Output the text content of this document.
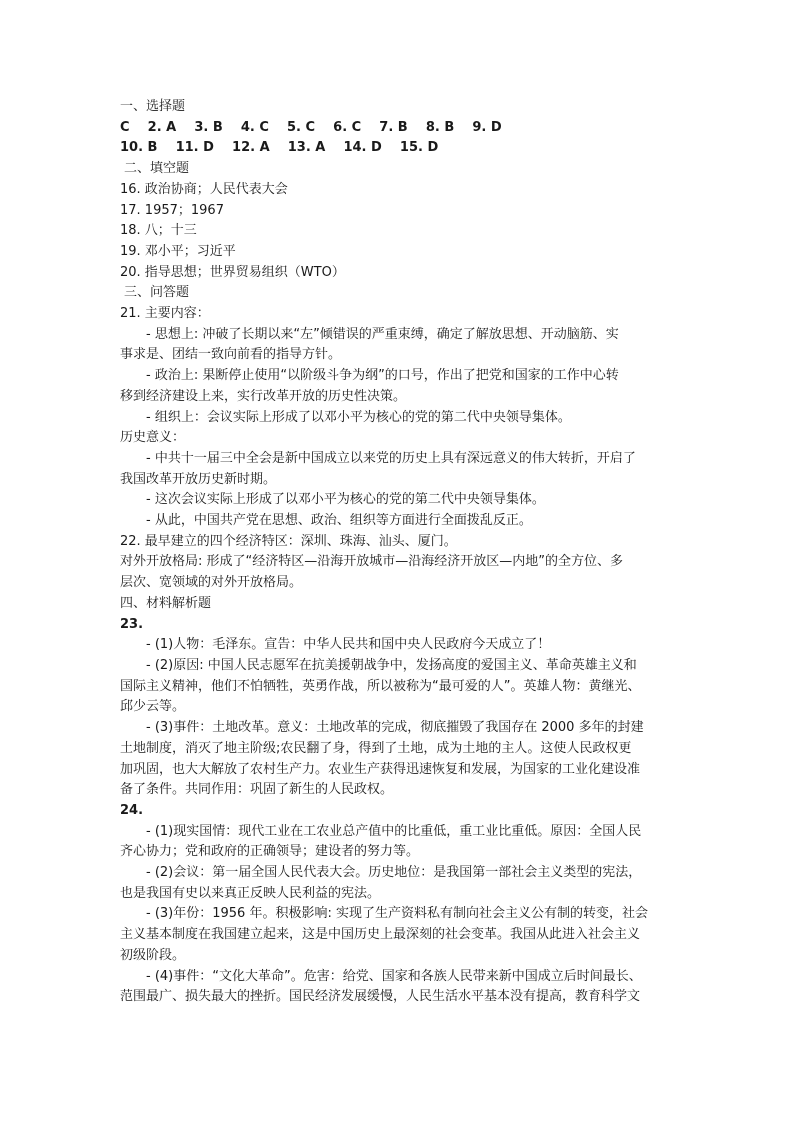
一、选择题
C    2. A    3. B    4. C    5. C    6. C    7. B    8. B    9. D
10. B    11. D    12. A    13. A    14. D    15. D
二、填空题
16. 政治协商；人民代表大会
17. 1957；1967
18. 八；十三
19. 邓小平；习近平
20. 指导思想；世界贸易组织（WTO）
三、问答题
21. 主要内容：
- 思想上: 冲破了长期以来“左”倾错误的严重束缚，确定了解放思想、开动脑筋、实
事求是、团结一致向前看的指导方针。
- 政治上: 果断停止使用“以阶级斗争为纲”的口号，作出了把党和国家的工作中心转
移到经济建设上来，实行改革开放的历史性决策。
- 组织上：会议实际上形成了以邓小平为核心的党的第二代中央领导集体。
历史意义：
- 中共十一届三中全会是新中国成立以来党的历史上具有深远意义的伟大转折，开启了
我国改革开放历史新时期。
- 这次会议实际上形成了以邓小平为核心的党的第二代中央领导集体。
- 从此，中国共产党在思想、政治、组织等方面进行全面拨乱反正。
22. 最早建立的四个经济特区：深圳、珠海、汕头、厦门。
对外开放格局: 形成了“经济特区—沿海开放城市—沿海经济开放区—内地”的全方位、多
层次、宽领域的对外开放格局。
四、材料解析题
23.
- (1)人物：毛泽东。宣告：中华人民共和国中央人民政府今天成立了！
- (2)原因: 中国人民志愿军在抗美援朝战争中，发扬高度的爱国主义、革命英雄主义和
国际主义精神，他们不怕牺牲，英勇作战，所以被称为“最可爱的人”。英雄人物：黄继光、
邱少云等。
- (3)事件：土地改革。意义：土地改革的完成，彻底摧毁了我国存在 2000 多年的封建
土地制度，消灭了地主阶级;农民翻了身，得到了土地，成为土地的主人。这使人民政权更
加巩固，也大大解放了农村生产力。农业生产获得迅速恢复和发展，为国家的工业化建设准
备了条件。共同作用：巩固了新生的人民政权。
24.
- (1)现实国情：现代工业在工农业总产值中的比重低，重工业比重低。原因：全国人民
齐心协力；党和政府的正确领导；建设者的努力等。
- (2)会议：第一届全国人民代表大会。历史地位：是我国第一部社会主义类型的宪法，
也是我国有史以来真正反映人民利益的宪法。
- (3)年份：1956 年。积极影响: 实现了生产资料私有制向社会主义公有制的转变，社会
主义基本制度在我国建立起来，这是中国历史上最深刻的社会变革。我国从此进入社会主义
初级阶段。
- (4)事件：“文化大革命”。危害：给党、国家和各族人民带来新中国成立后时间最长、
范围最广、损失最大的挫折。国民经济发展缓慢，人民生活水平基本没有提高，教育科学文
